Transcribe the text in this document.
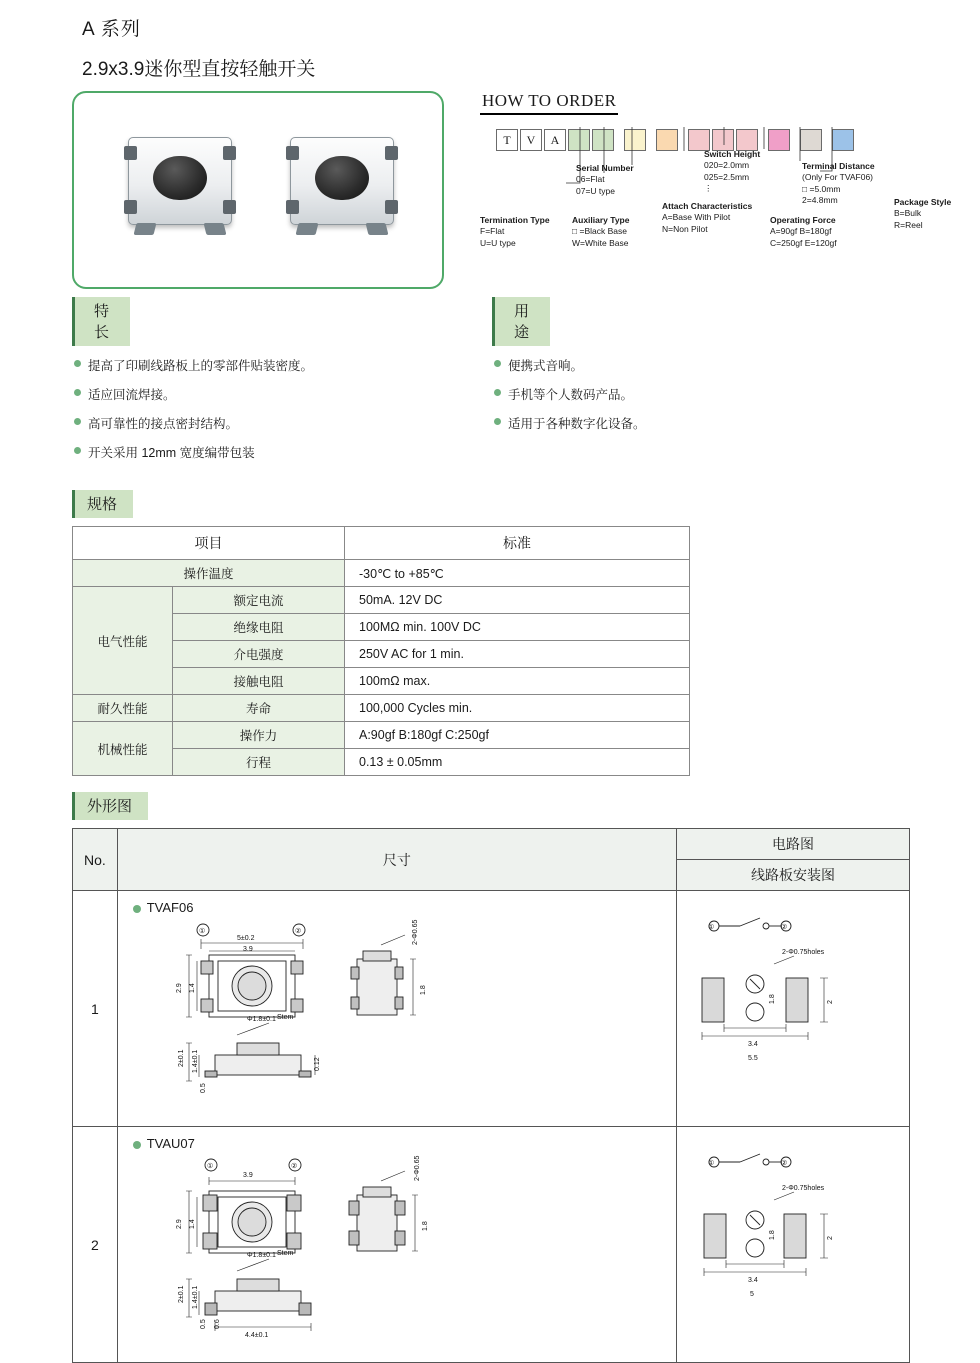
A 系列
2.9x3.9迷你型直按轻触开关
HOW TO ORDER
T	V	A
Serial Number
06=Flat
07=U type
Switch Height
020=2.0mm
025=2.5mm
⋮
Terminal Distance
(Only For TVAF06)
□ =5.0mm
2=4.8mm	Package Style
B=Bulk
R=Reel
Termination Type
F=Flat
U=U type
Auxiliary Type
□ =Black Base
W=White Base
Attach Characteristics
A=Base With Pilot
N=Non Pilot
Operating Force
A=90gf B=180gf
C=250gf E=120gf
特长
用途
提高了印刷线路板上的零部件贴装密度。
适应回流焊接。
高可靠性的接点密封结构。
开关采用 12mm 宽度编带包装
便携式音响。
手机等个人数码产品。
适用于各种数字化设备。
规格
项目		标准
操作温度		-30℃ to +85℃
电气性能	额定电流	50mA. 12V DC
	绝缘电阻	100MΩ min. 100V DC
	介电强度	250V AC for 1 min.
	接触电阻	100mΩ max.
耐久性能	寿命	100,000 Cycles min.
机械性能	操作力	A:90gf B:180gf C:250gf
	行程	0.13 ± 0.05mm
外形图
No.	尺寸	电路图
		线路板安装图
1	
TVAF06
5±0.2
3.9
2.9 1.4
2-Φ0.65
1.8
Φ1.8±0.1 Stem
2±0.1 1.4±0.1	0.12
0.5
①	②

①	②
2-Φ0.75holes
3.4
5.5
2
1.8

2	
TVAU07
3.9
2.9 1.4
2-Φ0.65
1.8
Φ1.8±0.1 Stem
2±0.1 1.4±0.1
0.5 0.6
4.4±0.1
①	②	①	②
2-Φ0.75holes
3.4
5
2
1.8
